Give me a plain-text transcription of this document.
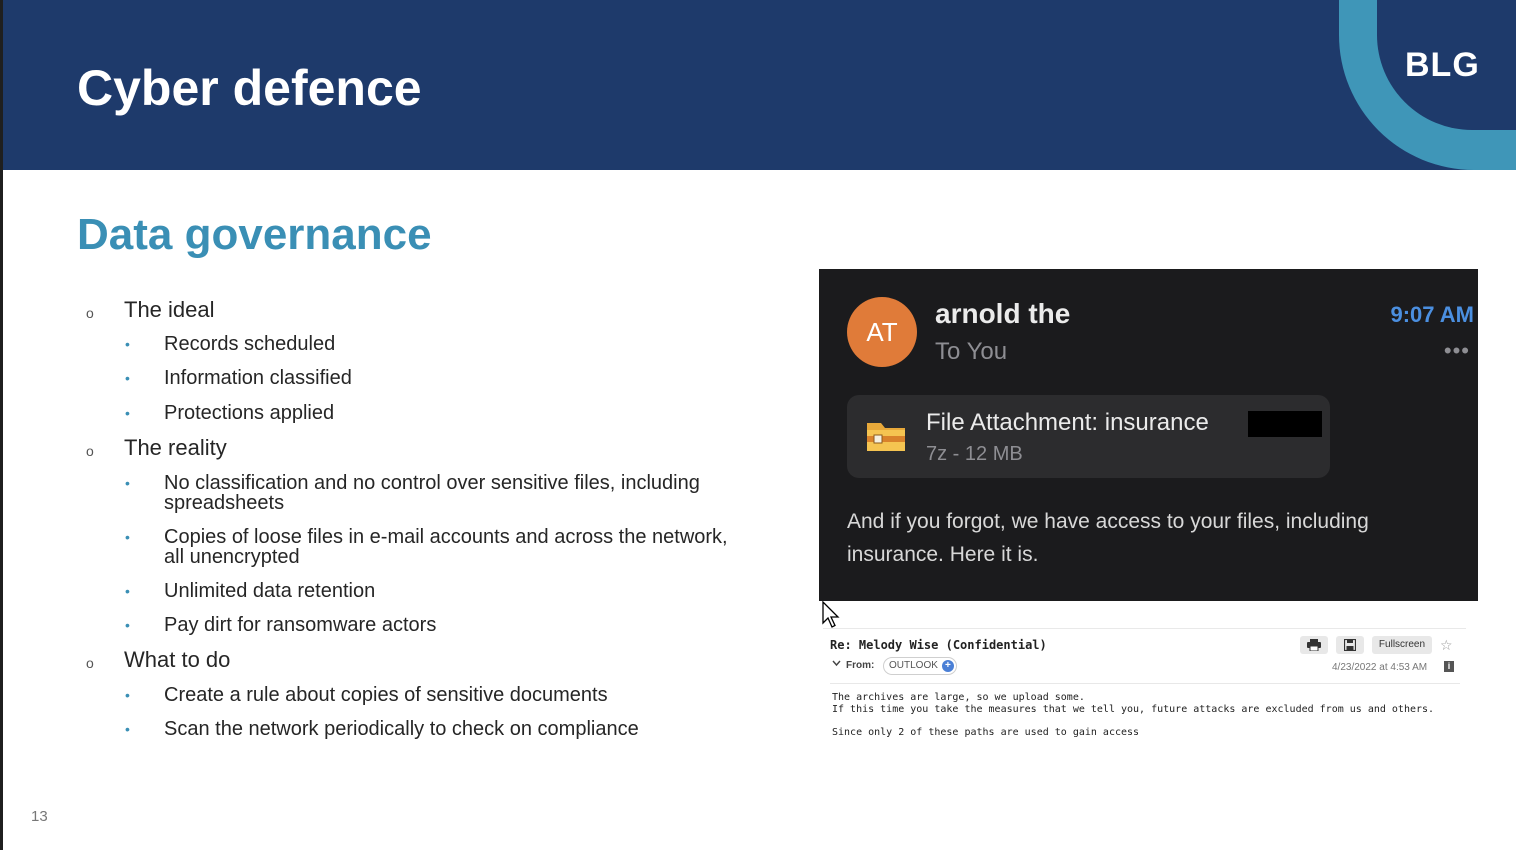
Cyber defence	BLG
Data governance
o The ideal
• Records scheduled
• Information classified
• Protections applied
o The reality
• No classification and no control over sensitive files, including
spreadsheets
• Copies of loose files in e-mail accounts and across the network,
all unencrypted
• Unlimited data retention
• Pay dirt for ransomware actors
o What to do
• Create a rule about copies of sensitive documents
• Scan the network periodically to check on compliance
13
AT
arnold the
To You
9:07 AM
•••
File Attachment: insurance
7z - 12 MB
And if you forgot, we have access to your files, including insurance. Here it is.
Re: Melody Wise (Confidential)	Fullscreen	☆
From:	OUTLOOK +	4/23/2022 at 4:53 AM	i
The archives are large, so we upload some.
If this time you take the measures that we tell you, future attacks are excluded from us and others.
Since only 2 of these paths are used to gain access
